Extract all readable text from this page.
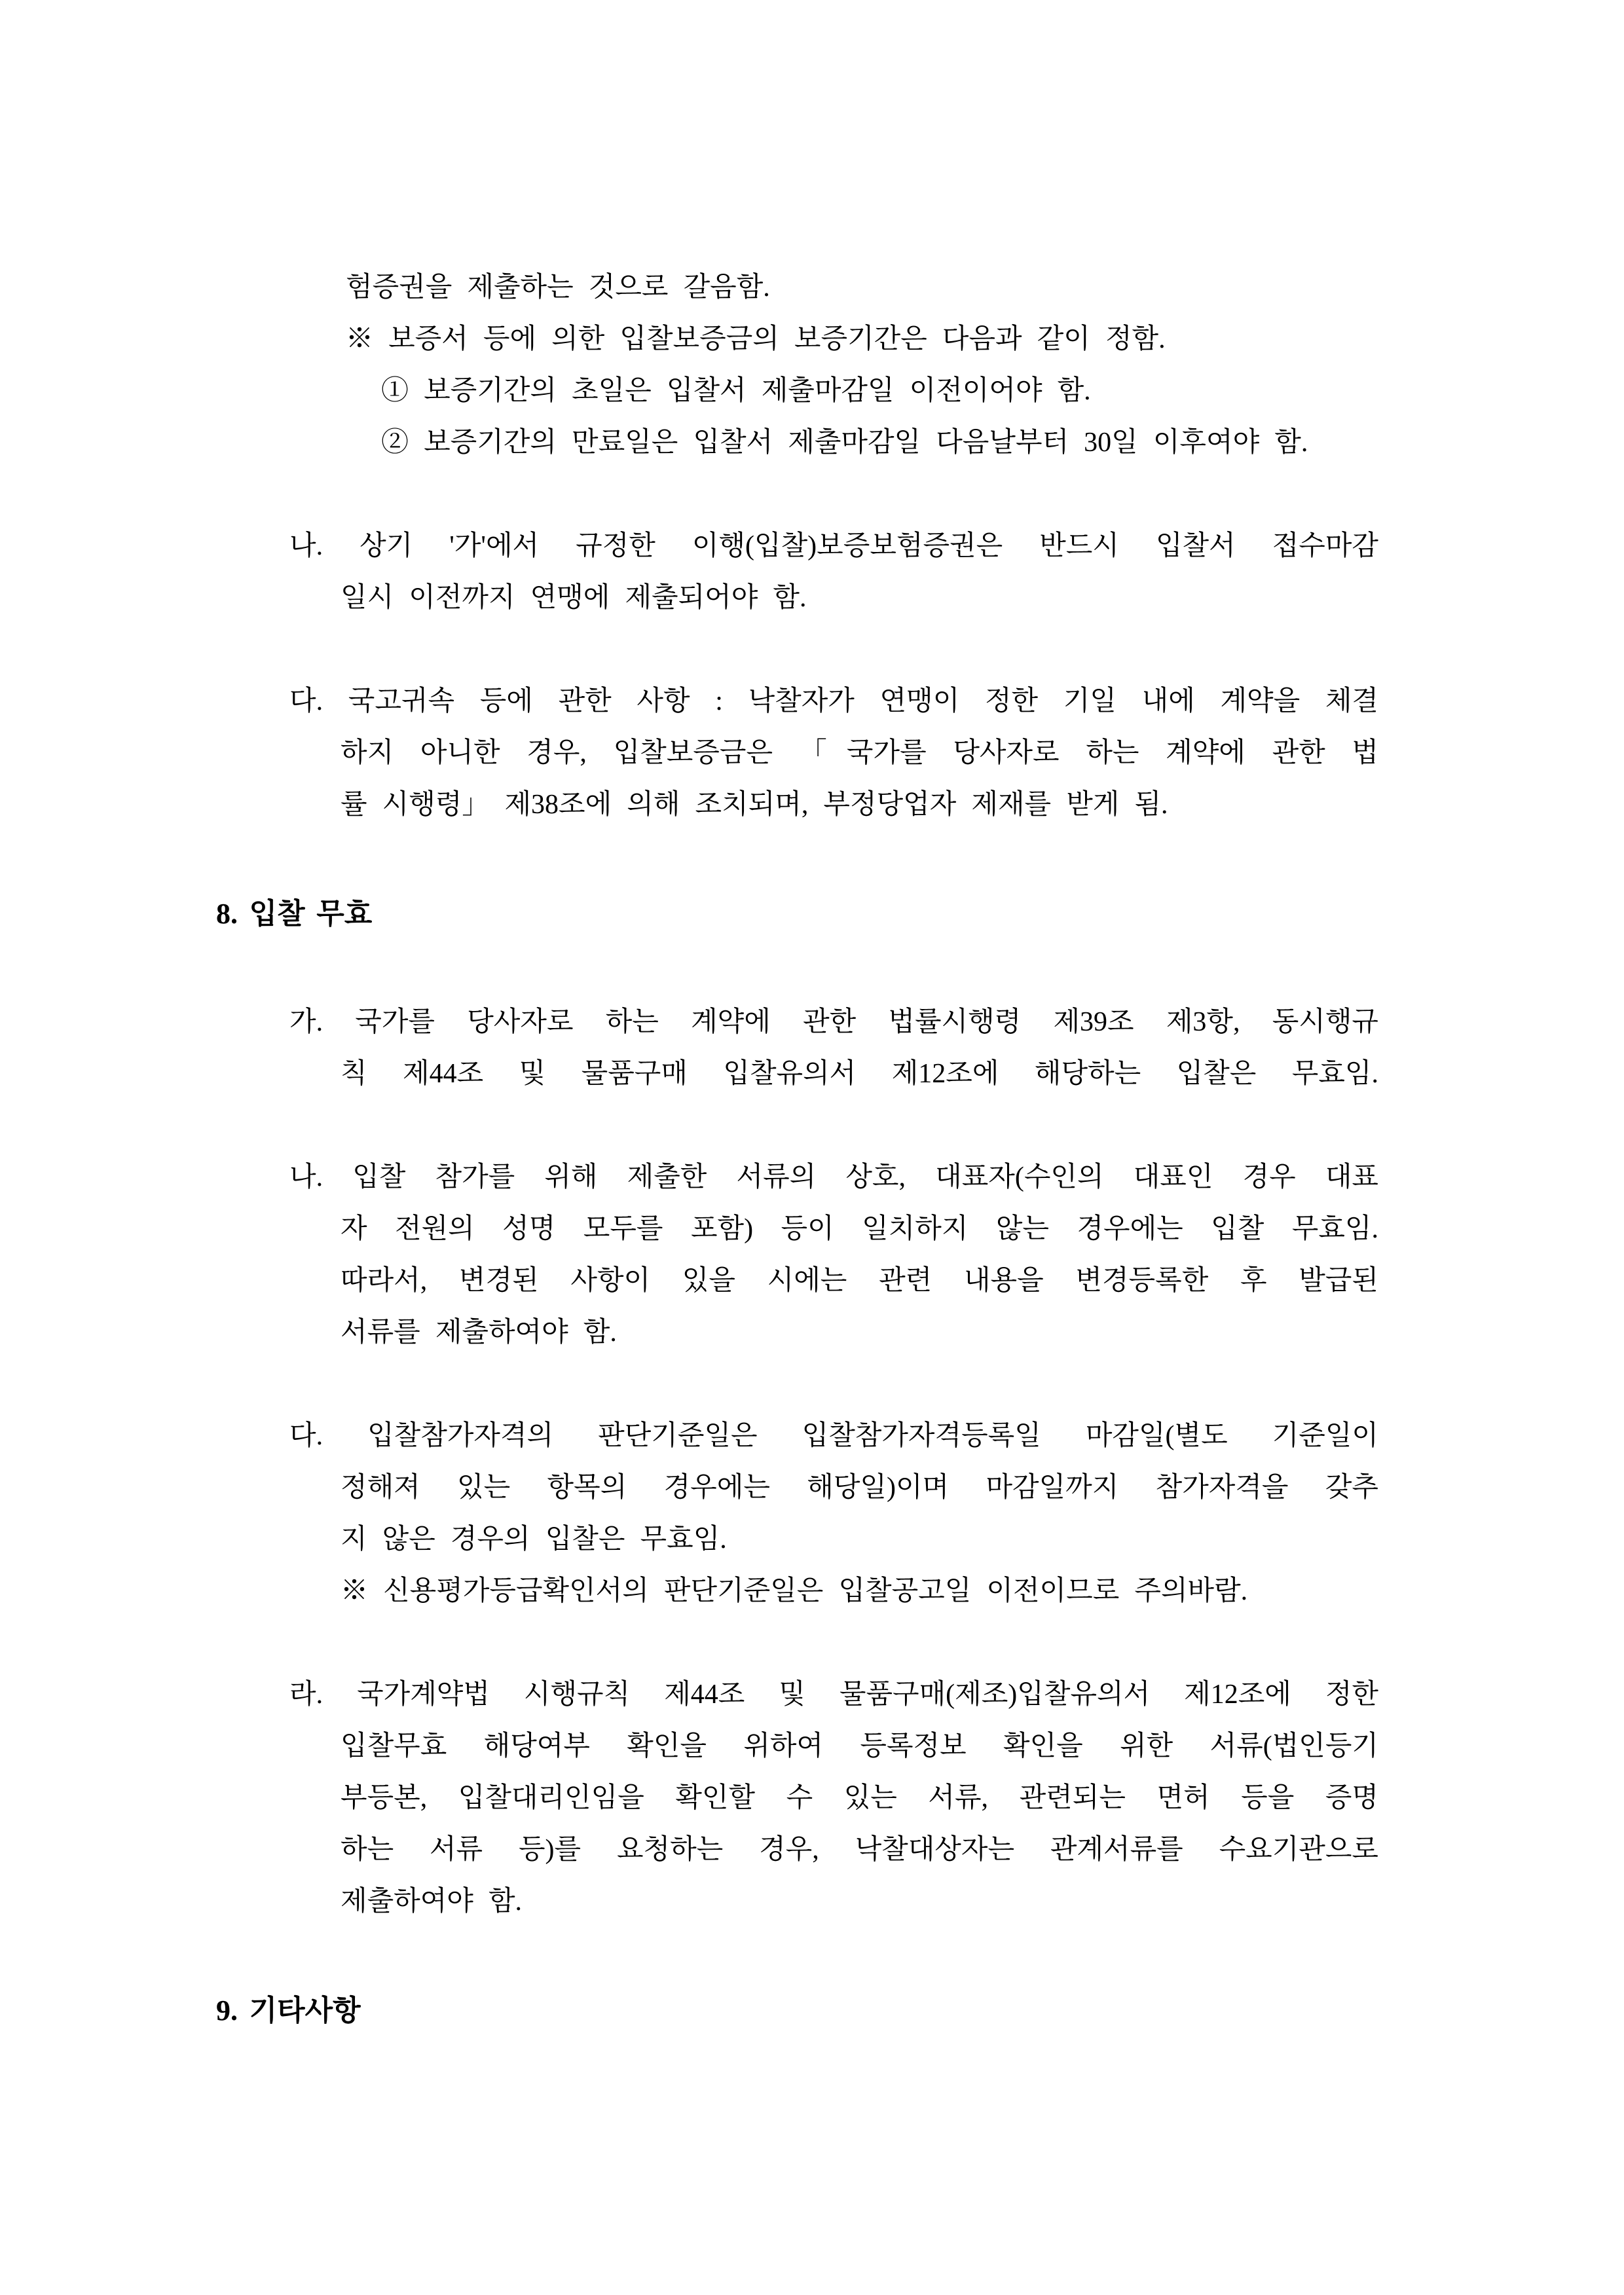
험증권을 제출하는 것으로 갈음함.
※ 보증서 등에 의한 입찰보증금의 보증기간은 다음과 같이 정함.
① 보증기간의 초일은 입찰서 제출마감일 이전이어야 함.
② 보증기간의 만료일은 입찰서 제출마감일 다음날부터 30일 이후여야 함.
나. 상기 '가'에서 규정한 이행(입찰)보증보험증권은 반드시 입찰서 접수마감
일시 이전까지 연맹에 제출되어야 함.
다. 국고귀속 등에 관한 사항 : 낙찰자가 연맹이 정한 기일 내에 계약을 체결
하지 아니한 경우, 입찰보증금은 「국가를 당사자로 하는 계약에 관한 법
률 시행령」 제38조에 의해 조치되며, 부정당업자 제재를 받게 됨.
8. 입찰 무효
가. 국가를 당사자로 하는 계약에 관한 법률시행령 제39조 제3항, 동시행규
칙 제44조 및 물품구매 입찰유의서 제12조에 해당하는 입찰은 무효임.
나. 입찰 참가를 위해 제출한 서류의 상호, 대표자(수인의 대표인 경우 대표
자 전원의 성명 모두를 포함) 등이 일치하지 않는 경우에는 입찰 무효임.
따라서, 변경된 사항이 있을 시에는 관련 내용을 변경등록한 후 발급된
서류를 제출하여야 함.
다. 입찰참가자격의 판단기준일은 입찰참가자격등록일 마감일(별도 기준일이
정해져 있는 항목의 경우에는 해당일)이며 마감일까지 참가자격을 갖추
지 않은 경우의 입찰은 무효임.
※ 신용평가등급확인서의 판단기준일은 입찰공고일 이전이므로 주의바람.
라. 국가계약법 시행규칙 제44조 및 물품구매(제조)입찰유의서 제12조에 정한
입찰무효 해당여부 확인을 위하여 등록정보 확인을 위한 서류(법인등기
부등본, 입찰대리인임을 확인할 수 있는 서류, 관련되는 면허 등을 증명
하는 서류 등)를 요청하는 경우, 낙찰대상자는 관계서류를 수요기관으로
제출하여야 함.
9. 기타사항
